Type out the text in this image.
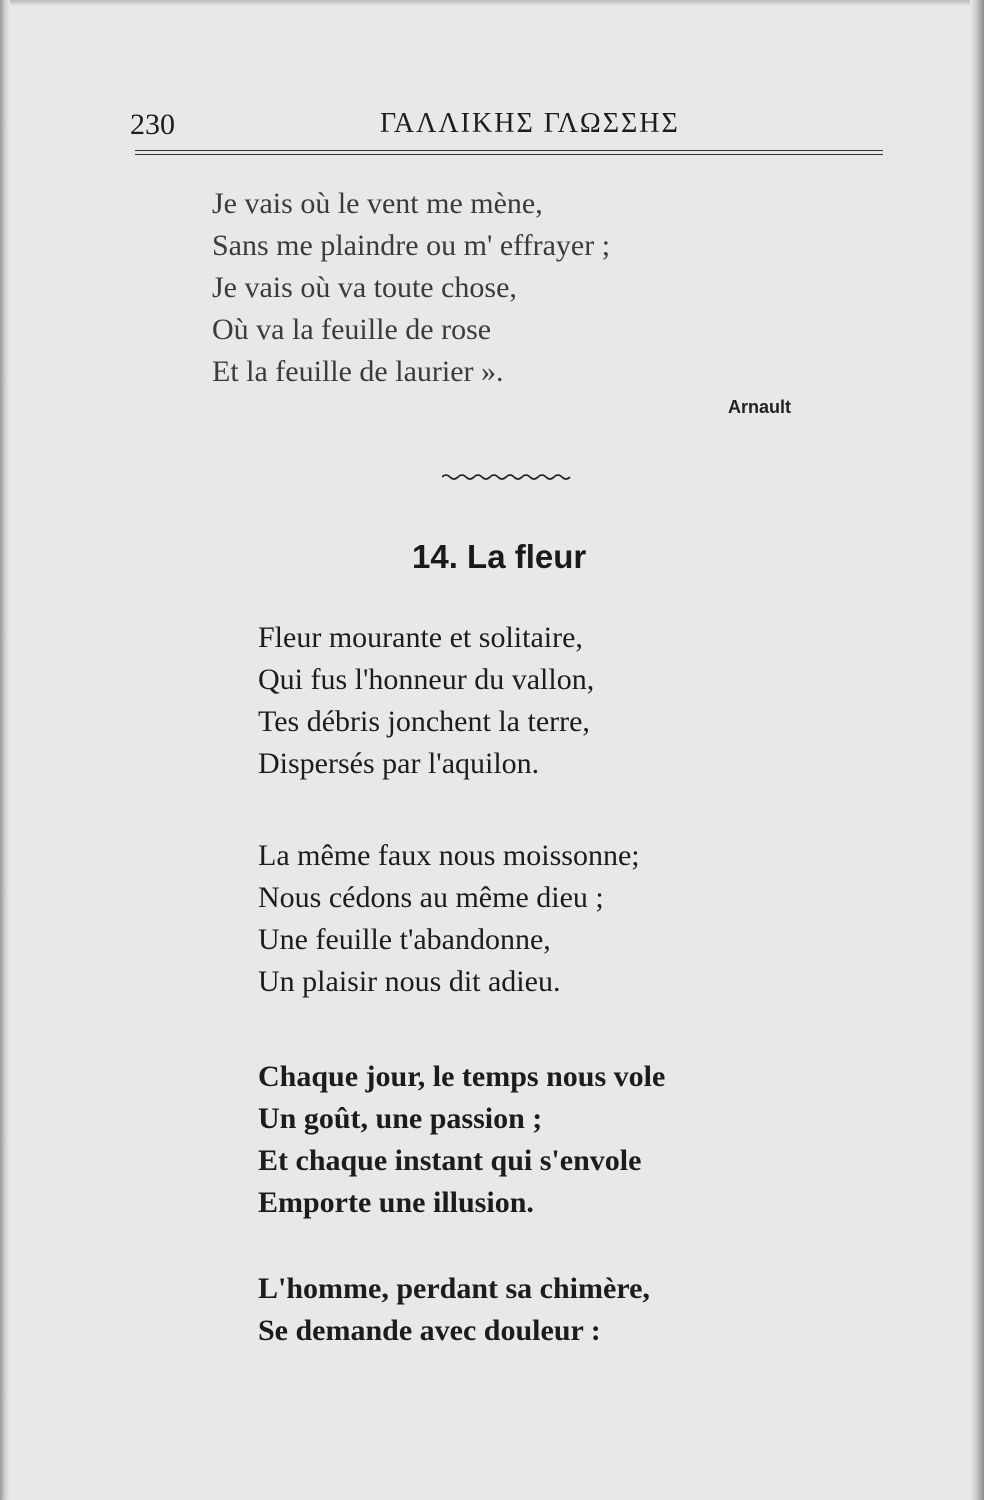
230	ΓΑΛΛΙΚΗΣ ΓΛΩΣΣΗΣ
Je vais où le vent me mène,
Sans me plaindre ou m' effrayer ;
Je vais où va toute chose,
Où va la feuille de rose
Et la feuille de laurier ».
Arnault
14. La fleur
Fleur mourante et solitaire,
Qui fus l'honneur du vallon,
Tes débris jonchent la terre,
Dispersés par l'aquilon.
La même faux nous moissonne;
Nous cédons au même dieu ;
Une feuille t'abandonne,
Un plaisir nous dit adieu.
Chaque jour, le temps nous vole
Un goût, une passion ;
Et chaque instant qui s'envole
Emporte une illusion.
L'homme, perdant sa chimère,
Se demande avec douleur :
